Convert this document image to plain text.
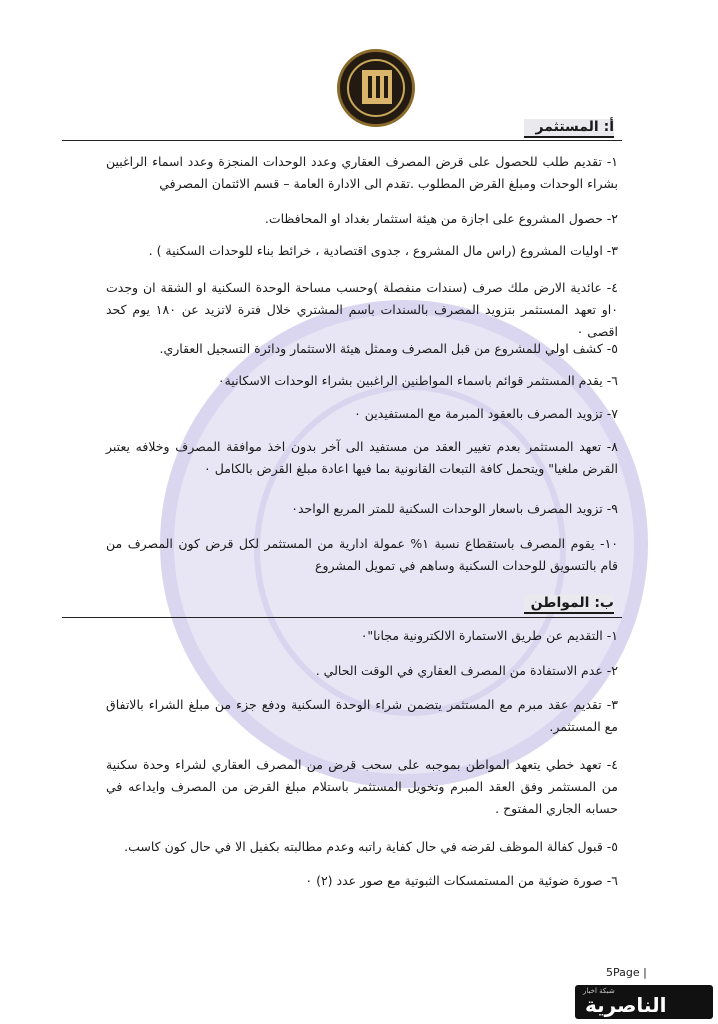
أ: المستثمر
١- تقديم طلب للحصول على قرض المصرف العقاري وعدد الوحدات المنجزة وعدد اسماء الراغبين بشراء الوحدات ومبلغ القرض المطلوب .تقدم الى الادارة العامة – قسم الائتمان المصرفي
٢- حصول المشروع على اجازة من هيئة استثمار بغداد او المحافظات.
٣- اوليات المشروع (راس مال المشروع ، جدوى اقتصادية ، خرائط بناء للوحدات السكنية ) .
٤- عائدية الارض ملك صرف (سندات منفصلة )وحسب مساحة الوحدة السكنية او الشقة ان وجدت ٠او تعهد المستثمر بتزويد المصرف بالسندات باسم المشتري خلال فترة لاتزيد عن ١٨٠ يوم كحد اقصى ٠
٥- كشف اولي للمشروع من قبل المصرف وممثل هيئة الاستثمار ودائرة التسجيل العقاري.
٦- يقدم المستثمر قوائم باسماء المواطنين الراغبين بشراء الوحدات الاسكانية٠
٧- تزويد المصرف بالعقود المبرمة مع المستفيدين ٠
٨- تعهد المستثمر بعدم تغيير العقد من مستفيد الى آخر بدون اخذ موافقة المصرف وخلافه يعتبر القرض ملغيا" ويتحمل كافة التبعات القانونية بما فيها اعادة مبلغ القرض بالكامل ٠
٩- تزويد المصرف باسعار الوحدات السكنية للمتر المربع الواحد٠
١٠- يقوم المصرف باستقطاع نسبة ١% عمولة ادارية من المستثمر لكل قرض كون المصرف من قام بالتسويق للوحدات السكنية وساهم في تمويل المشروع
ب: المواطن
١- التقديم عن طريق الاستمارة الالكترونية مجانا"٠
٢- عدم الاستفادة من المصرف العقاري في الوقت الحالي .
٣- تقديم عقد مبرم مع المستثمر يتضمن شراء الوحدة السكنية ودفع جزء من مبلغ الشراء بالاتفاق مع المستثمر.
٤- تعهد خطي يتعهد المواطن بموجبه على سحب قرض من المصرف العقاري لشراء وحدة سكنية من المستثمر وفق العقد المبرم وتخويل المستثمر باستلام مبلغ القرض من المصرف وايداعه في حسابه الجاري المفتوح .
٥- قبول كفالة الموظف لقرضه في حال كفاية راتبه وعدم مطالبته بكفيل الا في حال كون كاسب.
٦- صورة ضوئية من المستمسكات الثبوتية مع صور عدد (٢) ٠
5Page |
شبكة اخبار
الناصرية
